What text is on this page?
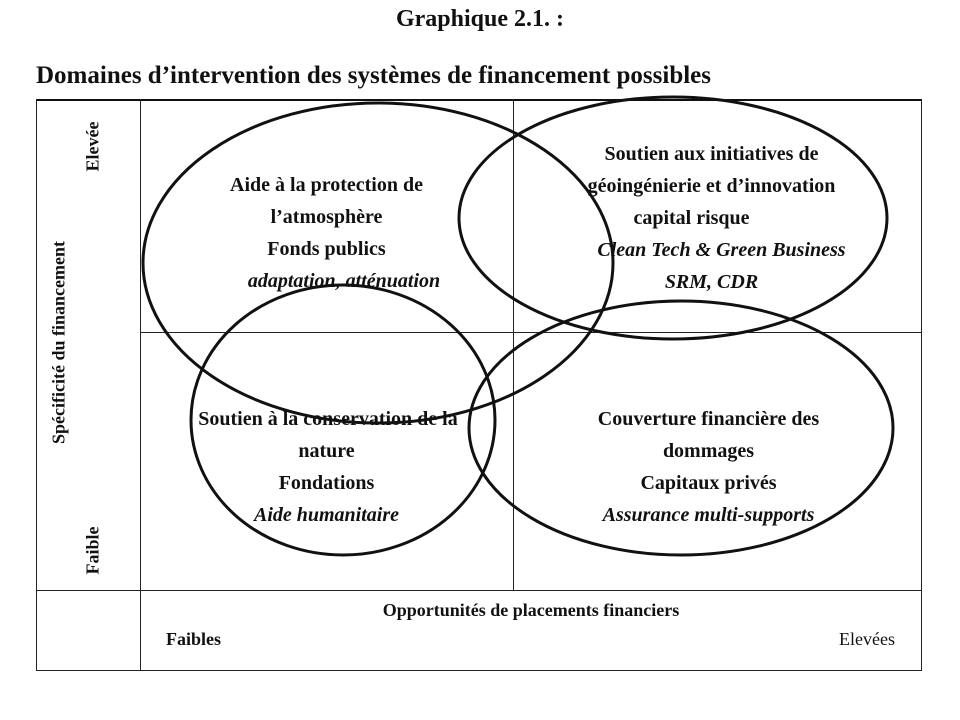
Graphique 2.1. :
Domaines d’intervention des systèmes de financement possibles
Spécificité du financement
Elevée
Faible
Aide à la protection de
l’atmosphère
Fonds publics
adaptation, atténuation
Soutien aux initiatives de
géoingénierie et d’innovation
capital risque
Clean Tech & Green Business
SRM, CDR
Soutien à la conservation de la
nature
Fondations
Aide humanitaire
Couverture financière des
dommages
Capitaux privés
Assurance multi-supports
Opportunités de placements financiers
Faibles	Elevées
